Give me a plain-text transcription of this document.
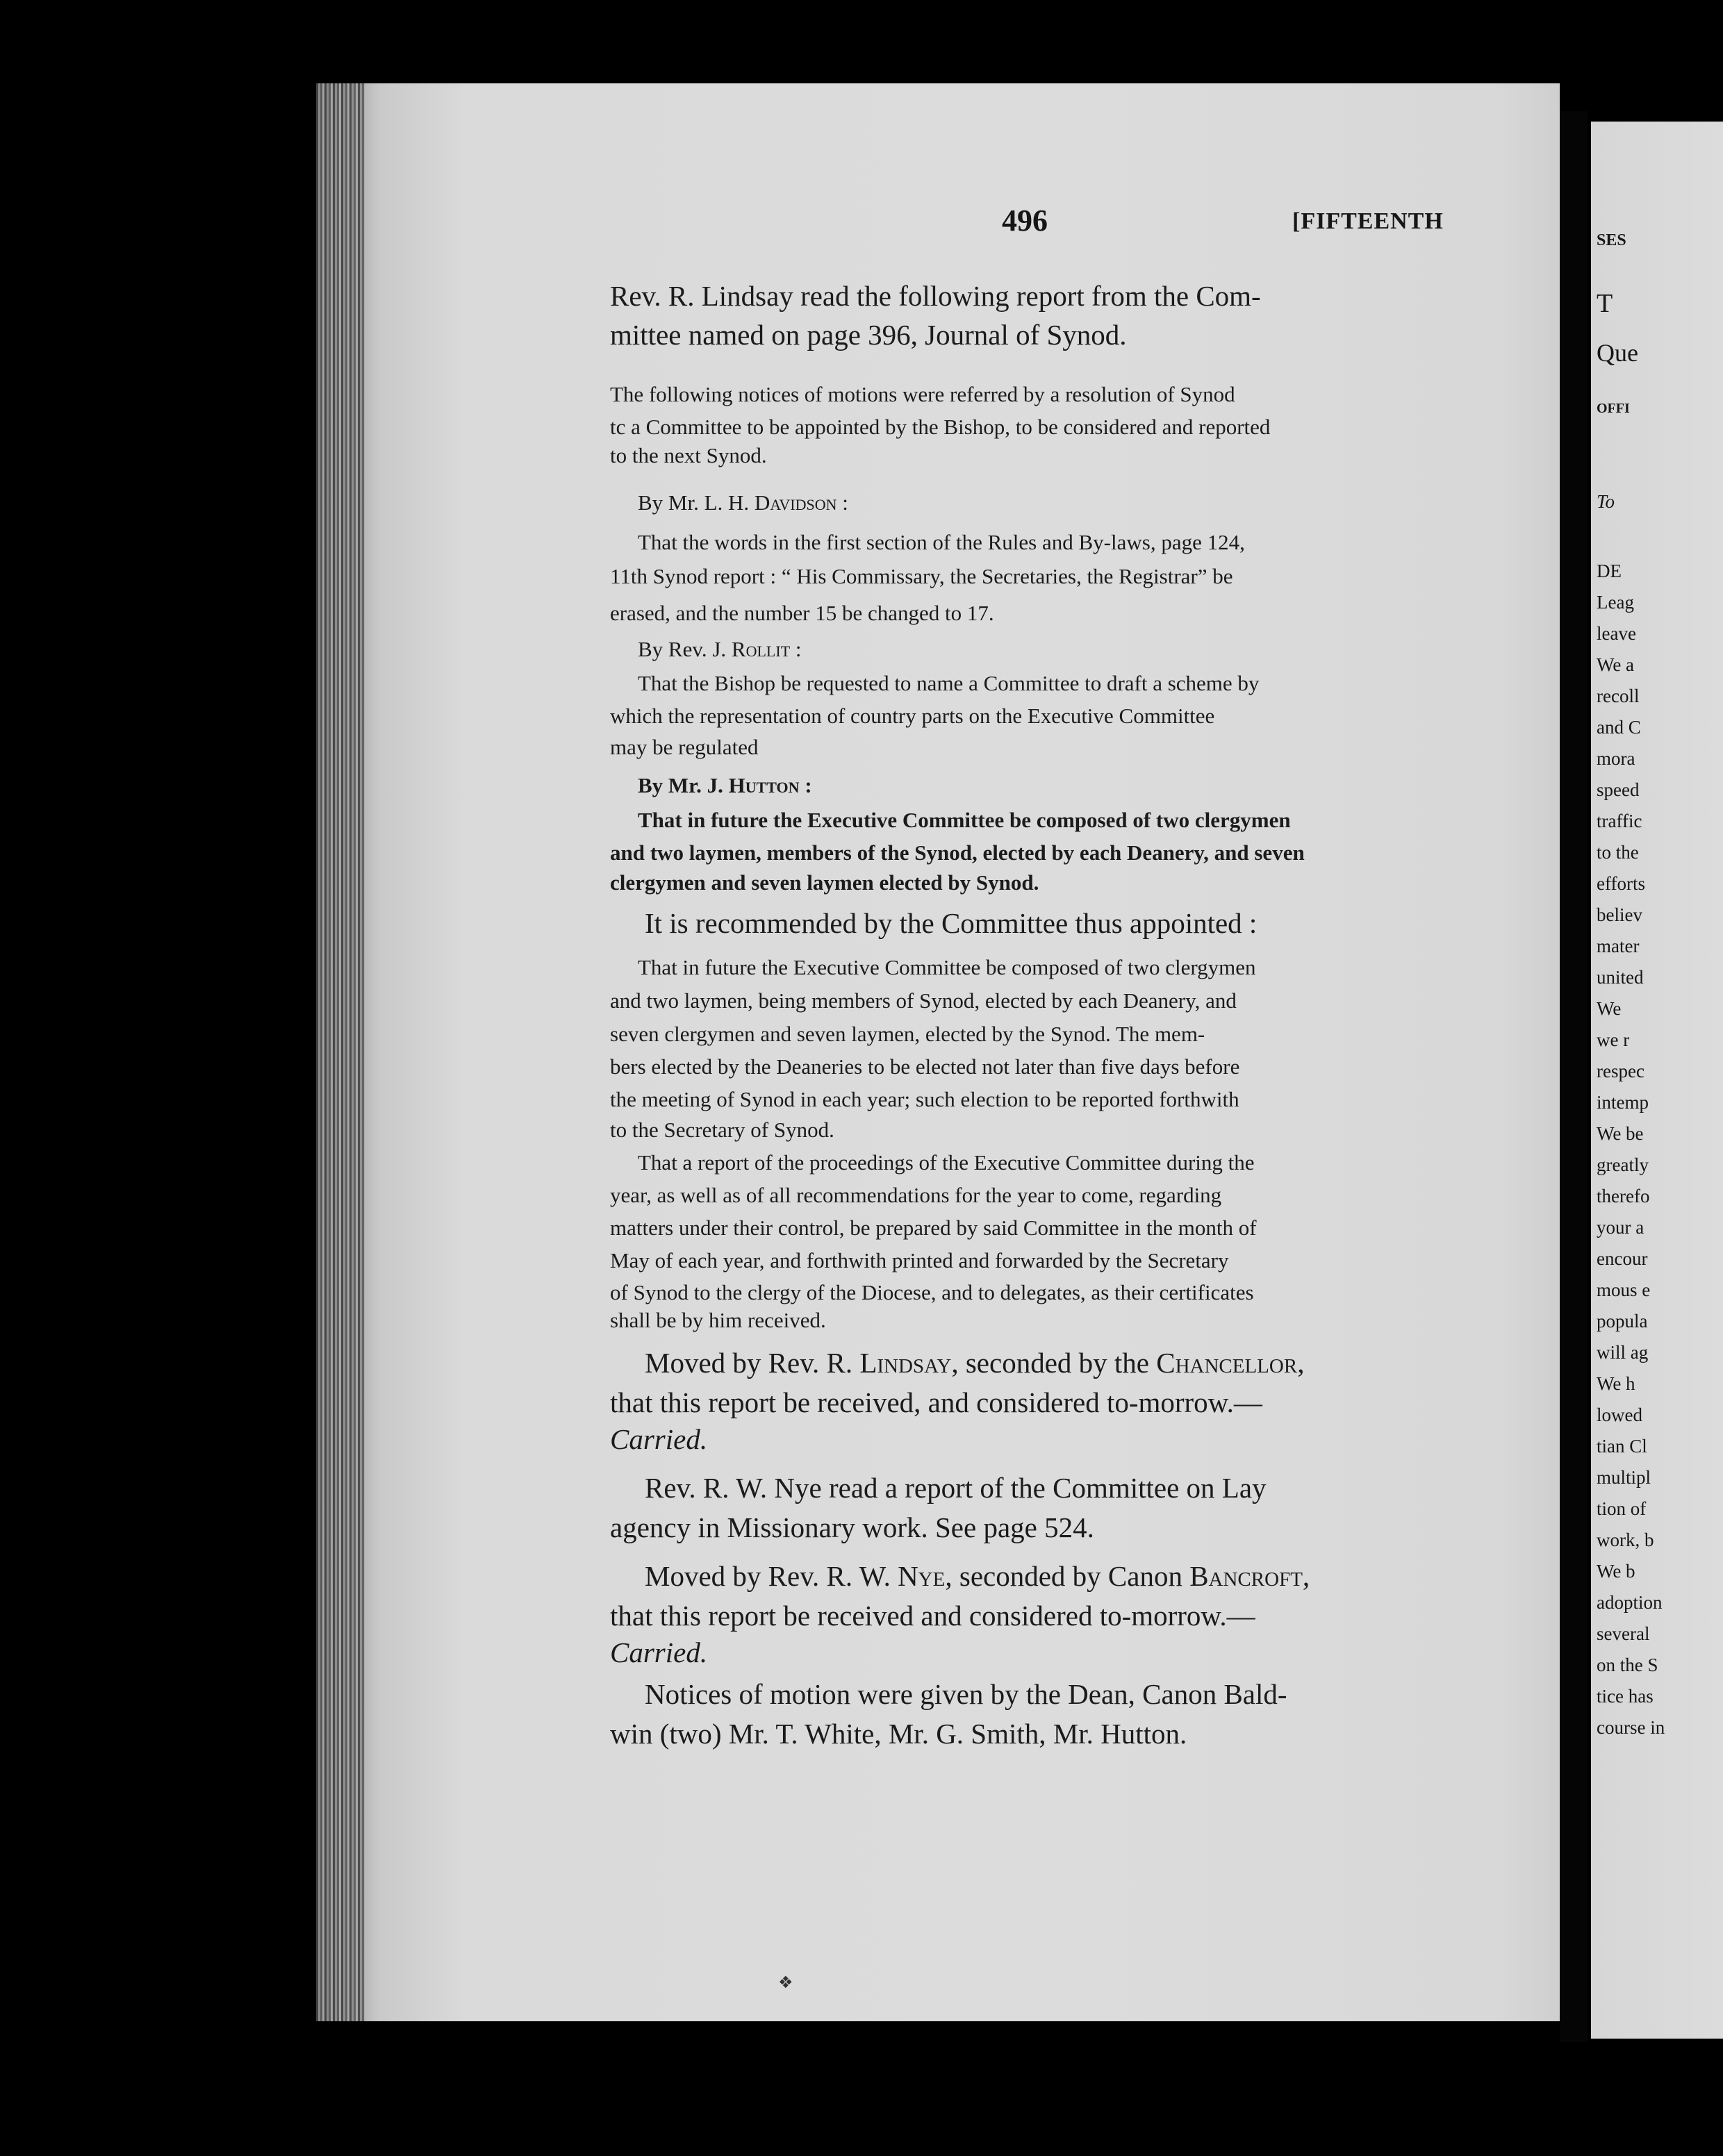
SES
T
Que
OFFI
To
DE
Leag
leave
We a
recoll
and C
mora
speed
traffic
to the
efforts
believ
mater
united
We
we r
respec
intemp
We be
greatly
therefo
your a
encour
mous e
popula
will ag
We h
lowed
tian Cl
multipl
tion of
work, b
We b
adoption
several
on the S
tice has
course in
496	[FIFTEENTH
Rev. R. Lindsay read the following report from the Com-
mittee named on page 396, Journal of Synod.
The following notices of motions were referred by a resolution of Synod
tc a Committee to be appointed by the Bishop, to be considered and reported
to the next Synod.
By Mr. L. H. Davidson :
That the words in the first section of the Rules and By-laws, page 124,
11th Synod report : “ His Commissary, the Secretaries, the Registrar” be
erased, and the number 15 be changed to 17.
By Rev. J. Rollit :
That the Bishop be requested to name a Committee to draft a scheme by
which the representation of country parts on the Executive Committee
may be regulated
By Mr. J. Hutton :
That in future the Executive Committee be composed of two clergymen
and two laymen, members of the Synod, elected by each Deanery, and seven
clergymen and seven laymen elected by Synod.
It is recommended by the Committee thus appointed :
That in future the Executive Committee be composed of two clergymen
and two laymen, being members of Synod, elected by each Deanery, and
seven clergymen and seven laymen, elected by the Synod. The mem-
bers elected by the Deaneries to be elected not later than five days before
the meeting of Synod in each year; such election to be reported forthwith
to the Secretary of Synod.
That a report of the proceedings of the Executive Committee during the
year, as well as of all recommendations for the year to come, regarding
matters under their control, be prepared by said Committee in the month of
May of each year, and forthwith printed and forwarded by the Secretary
of Synod to the clergy of the Diocese, and to delegates, as their certificates
shall be by him received.
Moved by Rev. R. Lindsay, seconded by the Chancellor,
that this report be received, and considered to-morrow.—
Carried.
Rev. R. W. Nye read a report of the Committee on Lay
agency in Missionary work. See page 524.
Moved by Rev. R. W. Nye, seconded by Canon Bancroft,
that this report be received and considered to-morrow.—
Carried.
Notices of motion were given by the Dean, Canon Bald-
win (two) Mr. T. White, Mr. G. Smith, Mr. Hutton.
❖
